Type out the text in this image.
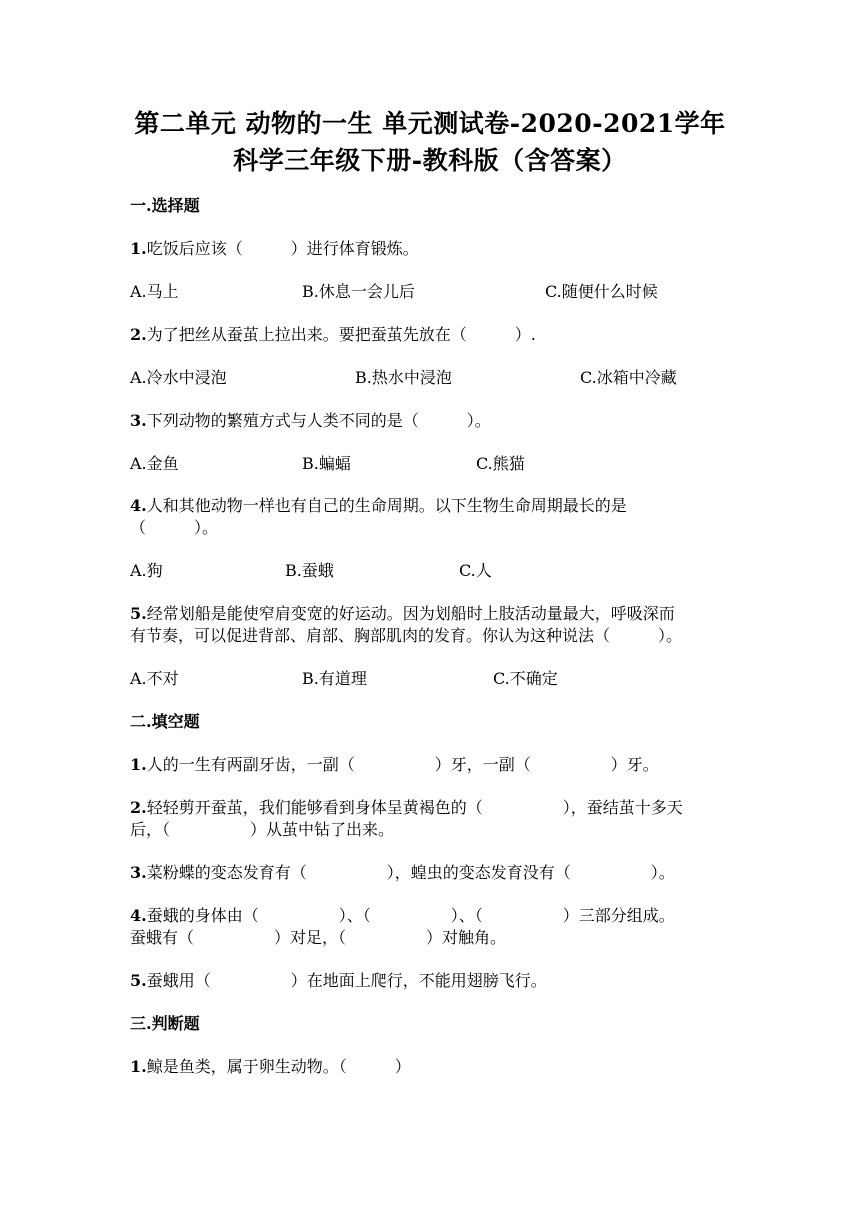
第二单元 动物的一生 单元测试卷-2020-2021学年
科学三年级下册-教科版（含答案）
一.选择题
1.吃饭后应该（　　　）进行体育锻炼。
A.马上	B.休息一会儿后	C.随便什么时候
2.为了把丝从蚕茧上拉出来。要把蚕茧先放在（　　　）.
A.冷水中浸泡	B.热水中浸泡	C.冰箱中冷藏
3.下列动物的繁殖方式与人类不同的是（　　　）。
A.金鱼	B.蝙蝠	C.熊猫
4.人和其他动物一样也有自己的生命周期。以下生物生命周期最长的是
（　　　）。
A.狗	B.蚕蛾	C.人
5.经常划船是能使窄肩变宽的好运动。因为划船时上肢活动量最大，呼吸深而
有节奏，可以促进背部、肩部、胸部肌肉的发育。你认为这种说法（　　　）。
A.不对	B.有道理	C.不确定
二.填空题
1.人的一生有两副牙齿，一副（　　　　　）牙，一副（　　　　　）牙。
2.轻轻剪开蚕茧，我们能够看到身体呈黄褐色的（　　　　　），蚕结茧十多天
后，（　　　　　）从茧中钻了出来。
3.菜粉蝶的变态发育有（　　　　　），蝗虫的变态发育没有（　　　　　）。
4.蚕蛾的身体由（　　　　　）、（　　　　　）、（　　　　　）三部分组成。
蚕蛾有（　　　　　）对足，（　　　　　）对触角。
5.蚕蛾用（　　　　　）在地面上爬行，不能用翅膀飞行。
三.判断题
1.鲸是鱼类，属于卵生动物。（　　　）
